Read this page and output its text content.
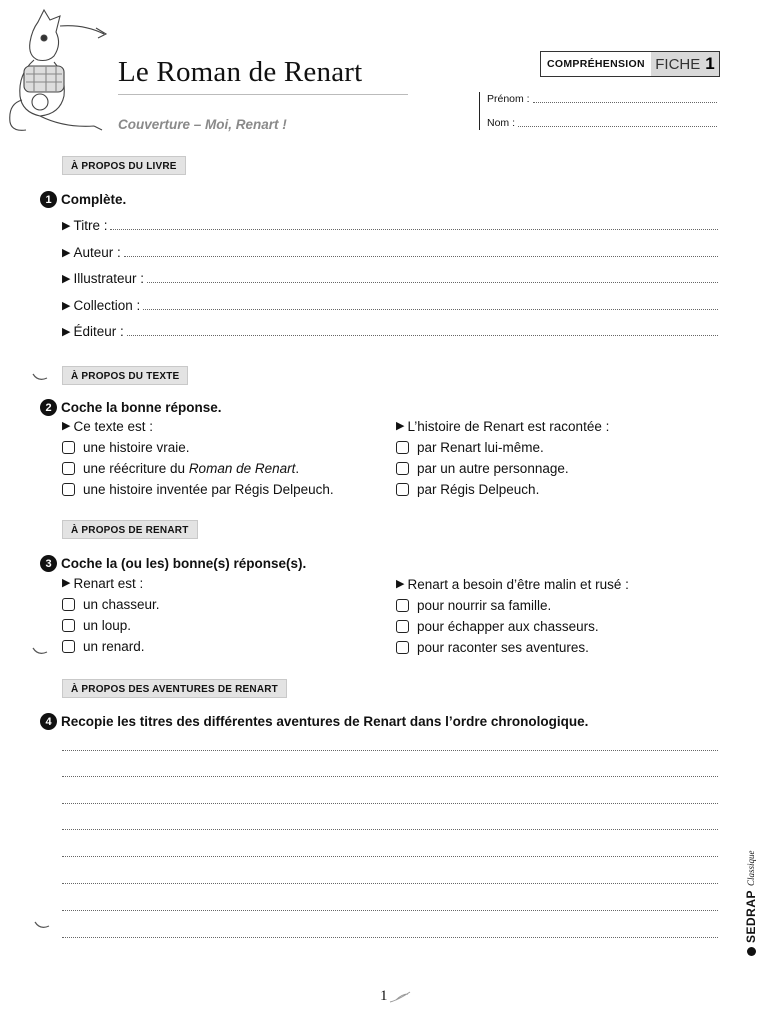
Le Roman de Renart
Couverture – Moi, Renart !
COMPRÉHENSION FICHE 1
Prénom :
Nom :
À PROPOS DU LIVRE
1 Complète.
▶ Titre :
▶ Auteur :
▶ Illustrateur :
▶ Collection :
▶ Éditeur :
À PROPOS DU TEXTE
2 Coche la bonne réponse.
▶ Ce texte est :
une histoire vraie.
une réécriture du Roman de Renart .
une histoire inventée par Régis Delpeuch.
▶ L’histoire de Renart est racontée :
par Renart lui-même.
par un autre personnage.
par Régis Delpeuch.
À PROPOS DE RENART
3 Coche la (ou les) bonne(s) réponse(s).
▶ Renart est :
un chasseur.
un loup.
un renard.
▶ Renart a besoin d’être malin et rusé :
pour nourrir sa famille.
pour échapper aux chasseurs.
pour raconter ses aventures.
À PROPOS DES AVENTURES DE RENART
4 Recopie les titres des différentes aventures de Renart dans l’ordre chronologique.
1
SEDRAP
Classique
